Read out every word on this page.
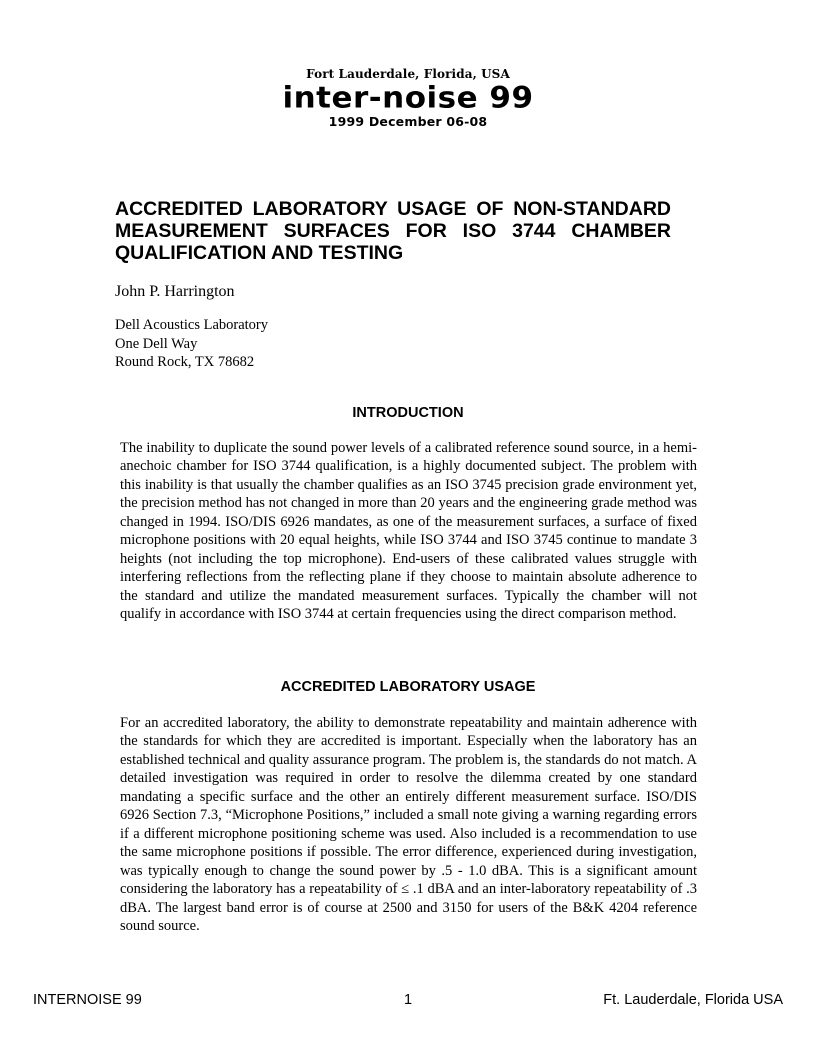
Fort Lauderdale, Florida, USA
inter-noise 99
1999 December 06-08
ACCREDITED LABORATORY USAGE OF NON-STANDARD MEASUREMENT SURFACES FOR ISO 3744 CHAMBER QUALIFICATION AND TESTING
John P. Harrington
Dell Acoustics Laboratory
One Dell Way
Round Rock, TX 78682
INTRODUCTION

The inability to duplicate the sound power levels of a calibrated reference sound source, in a hemi-anechoic chamber for ISO 3744 qualification, is a highly documented subject. The problem with this inability is that usually the chamber qualifies as an ISO 3745 precision grade environment yet, the precision method has not changed in more than 20 years and the engineering grade method was changed in 1994. ISO/DIS 6926 mandates, as one of the measurement surfaces, a surface of fixed microphone positions with 20 equal heights, while ISO 3744 and ISO 3745 continue to mandate 3 heights (not including the top microphone). End-users of these calibrated values struggle with interfering reflections from the reflecting plane if they choose to maintain absolute adherence to the standard and utilize the mandated measurement surfaces. Typically the chamber will not qualify in accordance with ISO 3744 at certain frequencies using the direct comparison method.

ACCREDITED LABORATORY USAGE

For an accredited laboratory, the ability to demonstrate repeatability and maintain adherence with the standards for which they are accredited is important. Especially when the laboratory has an established technical and quality assurance program. The problem is, the standards do not match. A detailed investigation was required in order to resolve the dilemma created by one standard mandating a specific surface and the other an entirely different measurement surface. ISO/DIS 6926 Section 7.3, “Microphone Positions,” included a small note giving a warning regarding errors if a different microphone positioning scheme was used. Also included is a recommendation to use the same microphone positions if possible. The error difference, experienced during investigation, was typically enough to change the sound power by .5 - 1.0 dBA. This is a significant amount considering the laboratory has a repeatability of ≤ .1 dBA and an inter-laboratory repeatability of .3 dBA. The largest band error is of course at 2500 and 3150 for users of the B&K 4204 reference sound source.

INTERNOISE 99	1	Ft. Lauderdale, Florida USA
